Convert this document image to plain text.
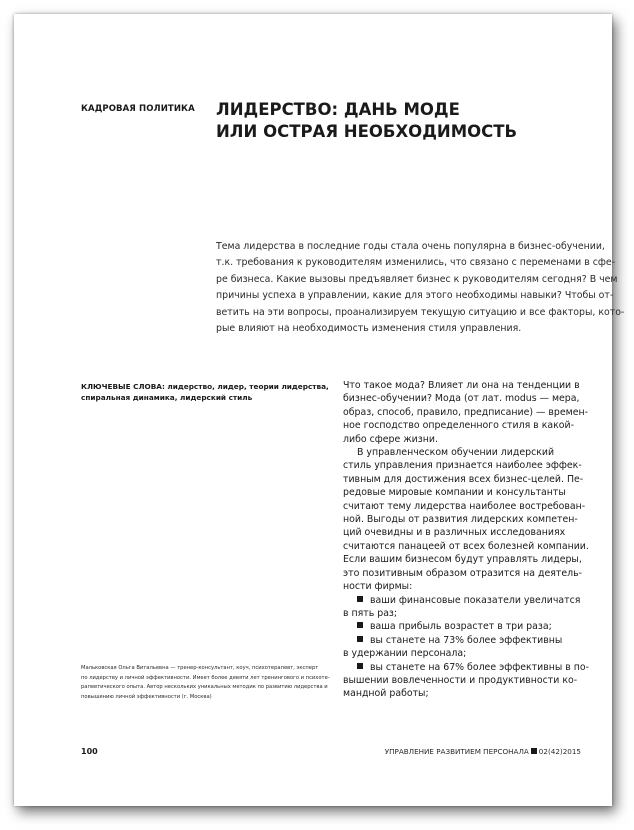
КАДРОВАЯ ПОЛИТИКА ЛИДЕРСТВО: ДАНЬ МОДЕ
ИЛИ ОСТРАЯ НЕОБХОДИМОСТЬ
Тема лидерства в последние годы стала очень популярна в бизнес-обучении,
т.к. требования к руководителям изменились, что связано с переменами в сфе-
ре бизнеса. Какие вызовы предъявляет бизнес к руководителям сегодня? В чем
причины успеха в управлении, какие для этого необходимы навыки? Чтобы от-
ветить на эти вопросы, проанализируем текущую ситуацию и все факторы, кото-
рые влияют на необходимость изменения стиля управления.
КЛЮЧЕВЫЕ СЛОВА: лидерство, лидер, теории лидерства,
спиральная динамика, лидерский стиль
Мальковская Ольга Витальевна — тренер-консультант, коуч, психотерапевт, эксперт
по лидерству и личной эффективности. Имеет более девяти лет тренингового и психоте-
рапевтического опыта. Автор нескольких уникальных методик по развитию лидерства и
повышению личной эффективности (г. Москва)
Что такое мода? Влияет ли она на тенденции в
бизнес-обучении? Мода (от лат. modus — мера,
образ, способ, правило, предписание) — времен-
ное господство определенного стиля в какой-
либо сфере жизни.
В управленческом обучении лидерский
стиль управления признается наиболее эффек-
тивным для достижения всех бизнес-целей. Пе-
редовые мировые компании и консультанты
считают тему лидерства наиболее востребован-
ной. Выгоды от развития лидерских компетен-
ций очевидны и в различных исследованиях
считаются панацеей от всех болезней компании.
Если вашим бизнесом будут управлять лидеры,
это позитивным образом отразится на деятель-
ности фирмы:
ваши финансовые показатели увеличатся
в пять раз;
ваша прибыль возрастет в три раза;
вы станете на 73% более эффективны
в удержании персонала;
вы станете на 67% более эффективны в по-
вышении вовлеченности и продуктивности ко-
мандной работы;
100	УПРАВЛЕНИЕ РАЗВИТИЕМ ПЕРСОНАЛА 02(42)2015
